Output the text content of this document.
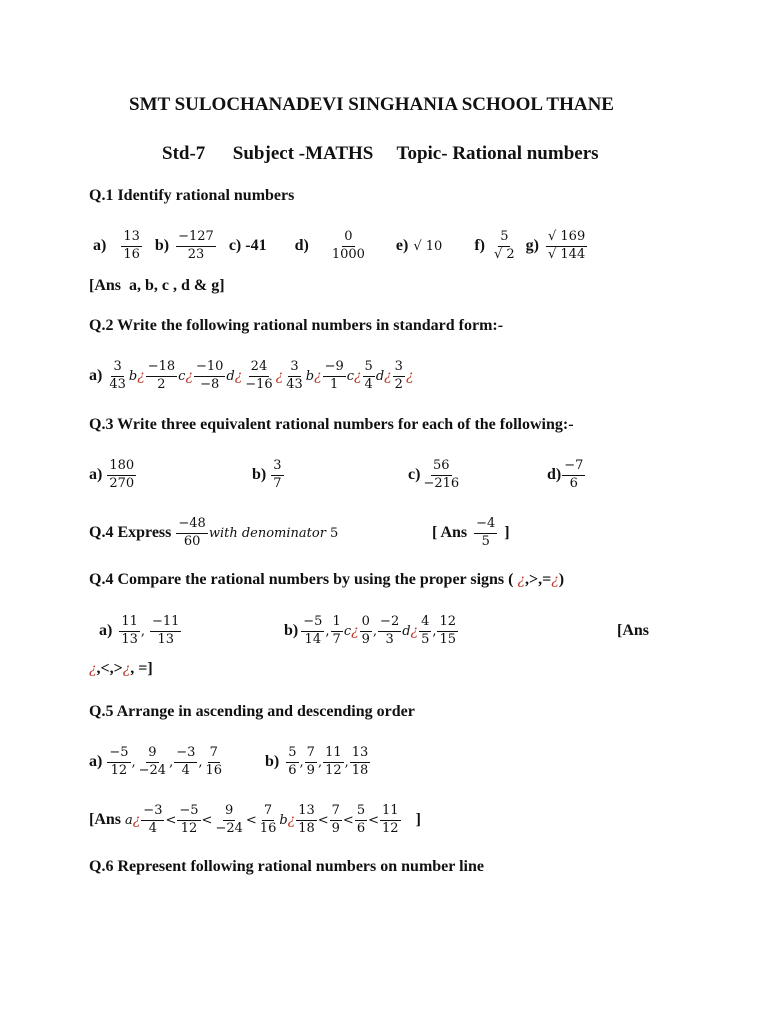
SMT SULOCHANADEVI SINGHANIA SCHOOL THANE
Std-7 Subject -MATHS Topic- Rational numbers
Q.1 Identify rational numbers
$a) \frac{13}{16} b) \frac{-127}{23} c$) -41 $d) \frac{0}{1000} e$) √ 10 $f) \frac{5}{√ 2} g) \frac{√ 169}{√ 144}$
[Ans a, b, c , d & g]
Q.2 Write the following rational numbers in standard form:-
$a) \frac{3}{43}$ b ¿ $\frac{-18}{2}$ c ¿ $\frac{-10}{-8}$ d ¿ $\frac{24}{-16}$ ¿ $\frac{3}{43}$ b ¿ $\frac{-9}{1}$ c ¿ $\frac{5}{4}$ d ¿ $\frac{3}{2}$ ¿
Q.3 Write three equivalent rational numbers for each of the following:-
$a) \frac{180}{270}$	$b) \frac{3}{7}$	$c) \frac{56}{-216}$	$d) \frac{-7}{6}$
Q.4 Express $\frac{-48}{60}$ with denominator 5	[ Ans $\frac{-4}{5}$ ]
Q.4 Compare the rational numbers by using the proper signs ( ¿ ,>,= ¿ )
$a) \frac{11}{13}$ , $\frac{-11}{13}$	$b) \frac{-5}{14}$ , $\frac{1}{7}$ c ¿ $\frac{0}{9}$ , $\frac{-2}{3}$ d ¿ $\frac{4}{5}$ , $\frac{12}{15}$	[Ans
¿ ,<,> ¿ , =]
Q.5 Arrange in ascending and descending order
$a) \frac{-5}{12}$ , $\frac{9}{-24}$ , $\frac{-3}{4}$ , $\frac{7}{16}$	$b) \frac{5}{6}$ , $\frac{7}{9}$ , $\frac{11}{12}$ , $\frac{13}{18}$
[Ans a ¿ $\frac{-3}{4} < \frac{-5}{12} < \frac{9}{-24} < \frac{7}{16}$ b ¿ $\frac{13}{18} < \frac{7}{9} < \frac{5}{6} < \frac{11}{12}$ ]
Q.6 Represent following rational numbers on number line
